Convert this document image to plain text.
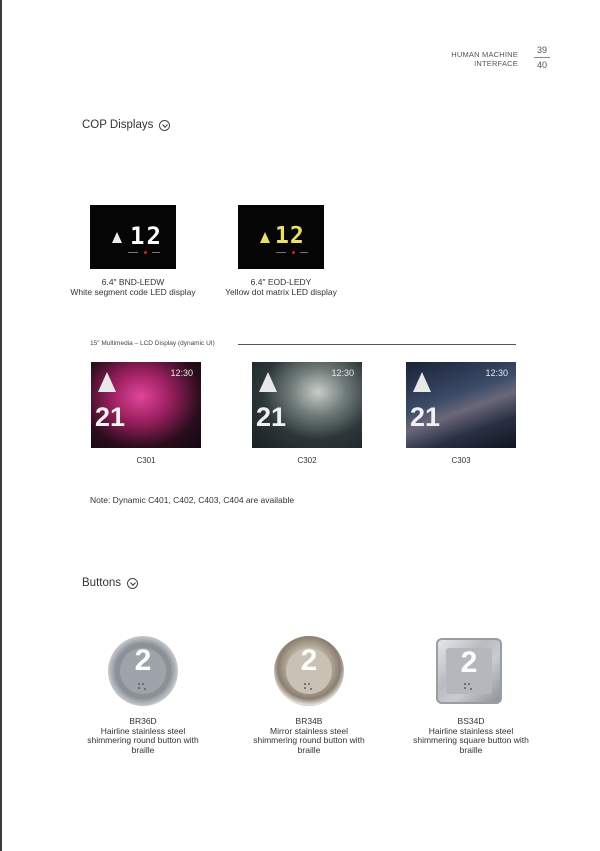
HUMAN MACHINE
INTERFACE
39
40
COP Displays
12
6.4″ BND-LEDW
White segment code LED display
12
6.4″ EOD-LEDY
Yellow dot matrix LED display
15″ Multimedia – LCD Display (dynamic UI)
12:30
21
C301
12:30
21
C302
12:30
21
C303
Note: Dynamic C401, C402, C403, C404 are available
Buttons
2
BR36D
Hairline stainless steel
shimmering round button with
braille
2
BR34B
Mirror stainless steel
shimmering round button with
braille
2
BS34D
Hairline stainless steel
shimmering square button with
braille
